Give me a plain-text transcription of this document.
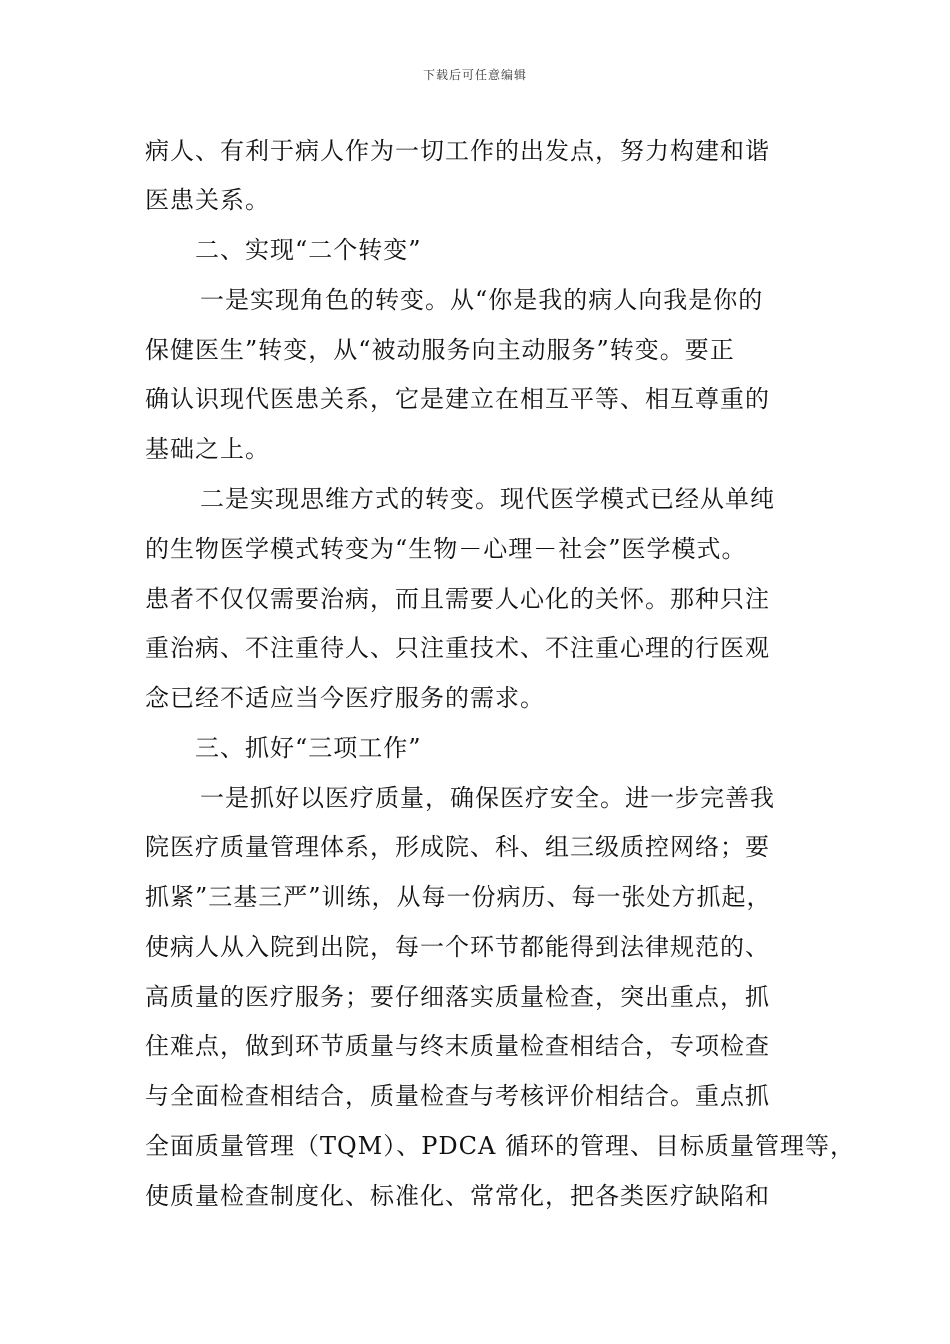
下载后可任意编辑
病人、有利于病人作为一切工作的出发点，努力构建和谐
医患关系。
二、实现“二个转变”
一是实现角色的转变。从“你是我的病人向我是你的
保健医生”转变，从“被动服务向主动服务”转变。要正
确认识现代医患关系，它是建立在相互平等、相互尊重的
基础之上。
二是实现思维方式的转变。现代医学模式已经从单纯
的生物医学模式转变为“生物－心理－社会”医学模式。
患者不仅仅需要治病，而且需要人心化的关怀。那种只注
重治病、不注重待人、只注重技术、不注重心理的行医观
念已经不适应当今医疗服务的需求。
三、抓好“三项工作”
一是抓好以医疗质量，确保医疗安全。进一步完善我
院医疗质量管理体系，形成院、科、组三级质控网络；要
抓紧”三基三严”训练，从每一份病历、每一张处方抓起，
使病人从入院到出院，每一个环节都能得到法律规范的、
高质量的医疗服务；要仔细落实质量检查，突出重点，抓
住难点，做到环节质量与终末质量检查相结合，专项检查
与全面检查相结合，质量检查与考核评价相结合。重点抓
全面质量管理（TQM）、PDCA 循环的管理、目标质量管理等，
使质量检查制度化、标准化、常常化，把各类医疗缺陷和
